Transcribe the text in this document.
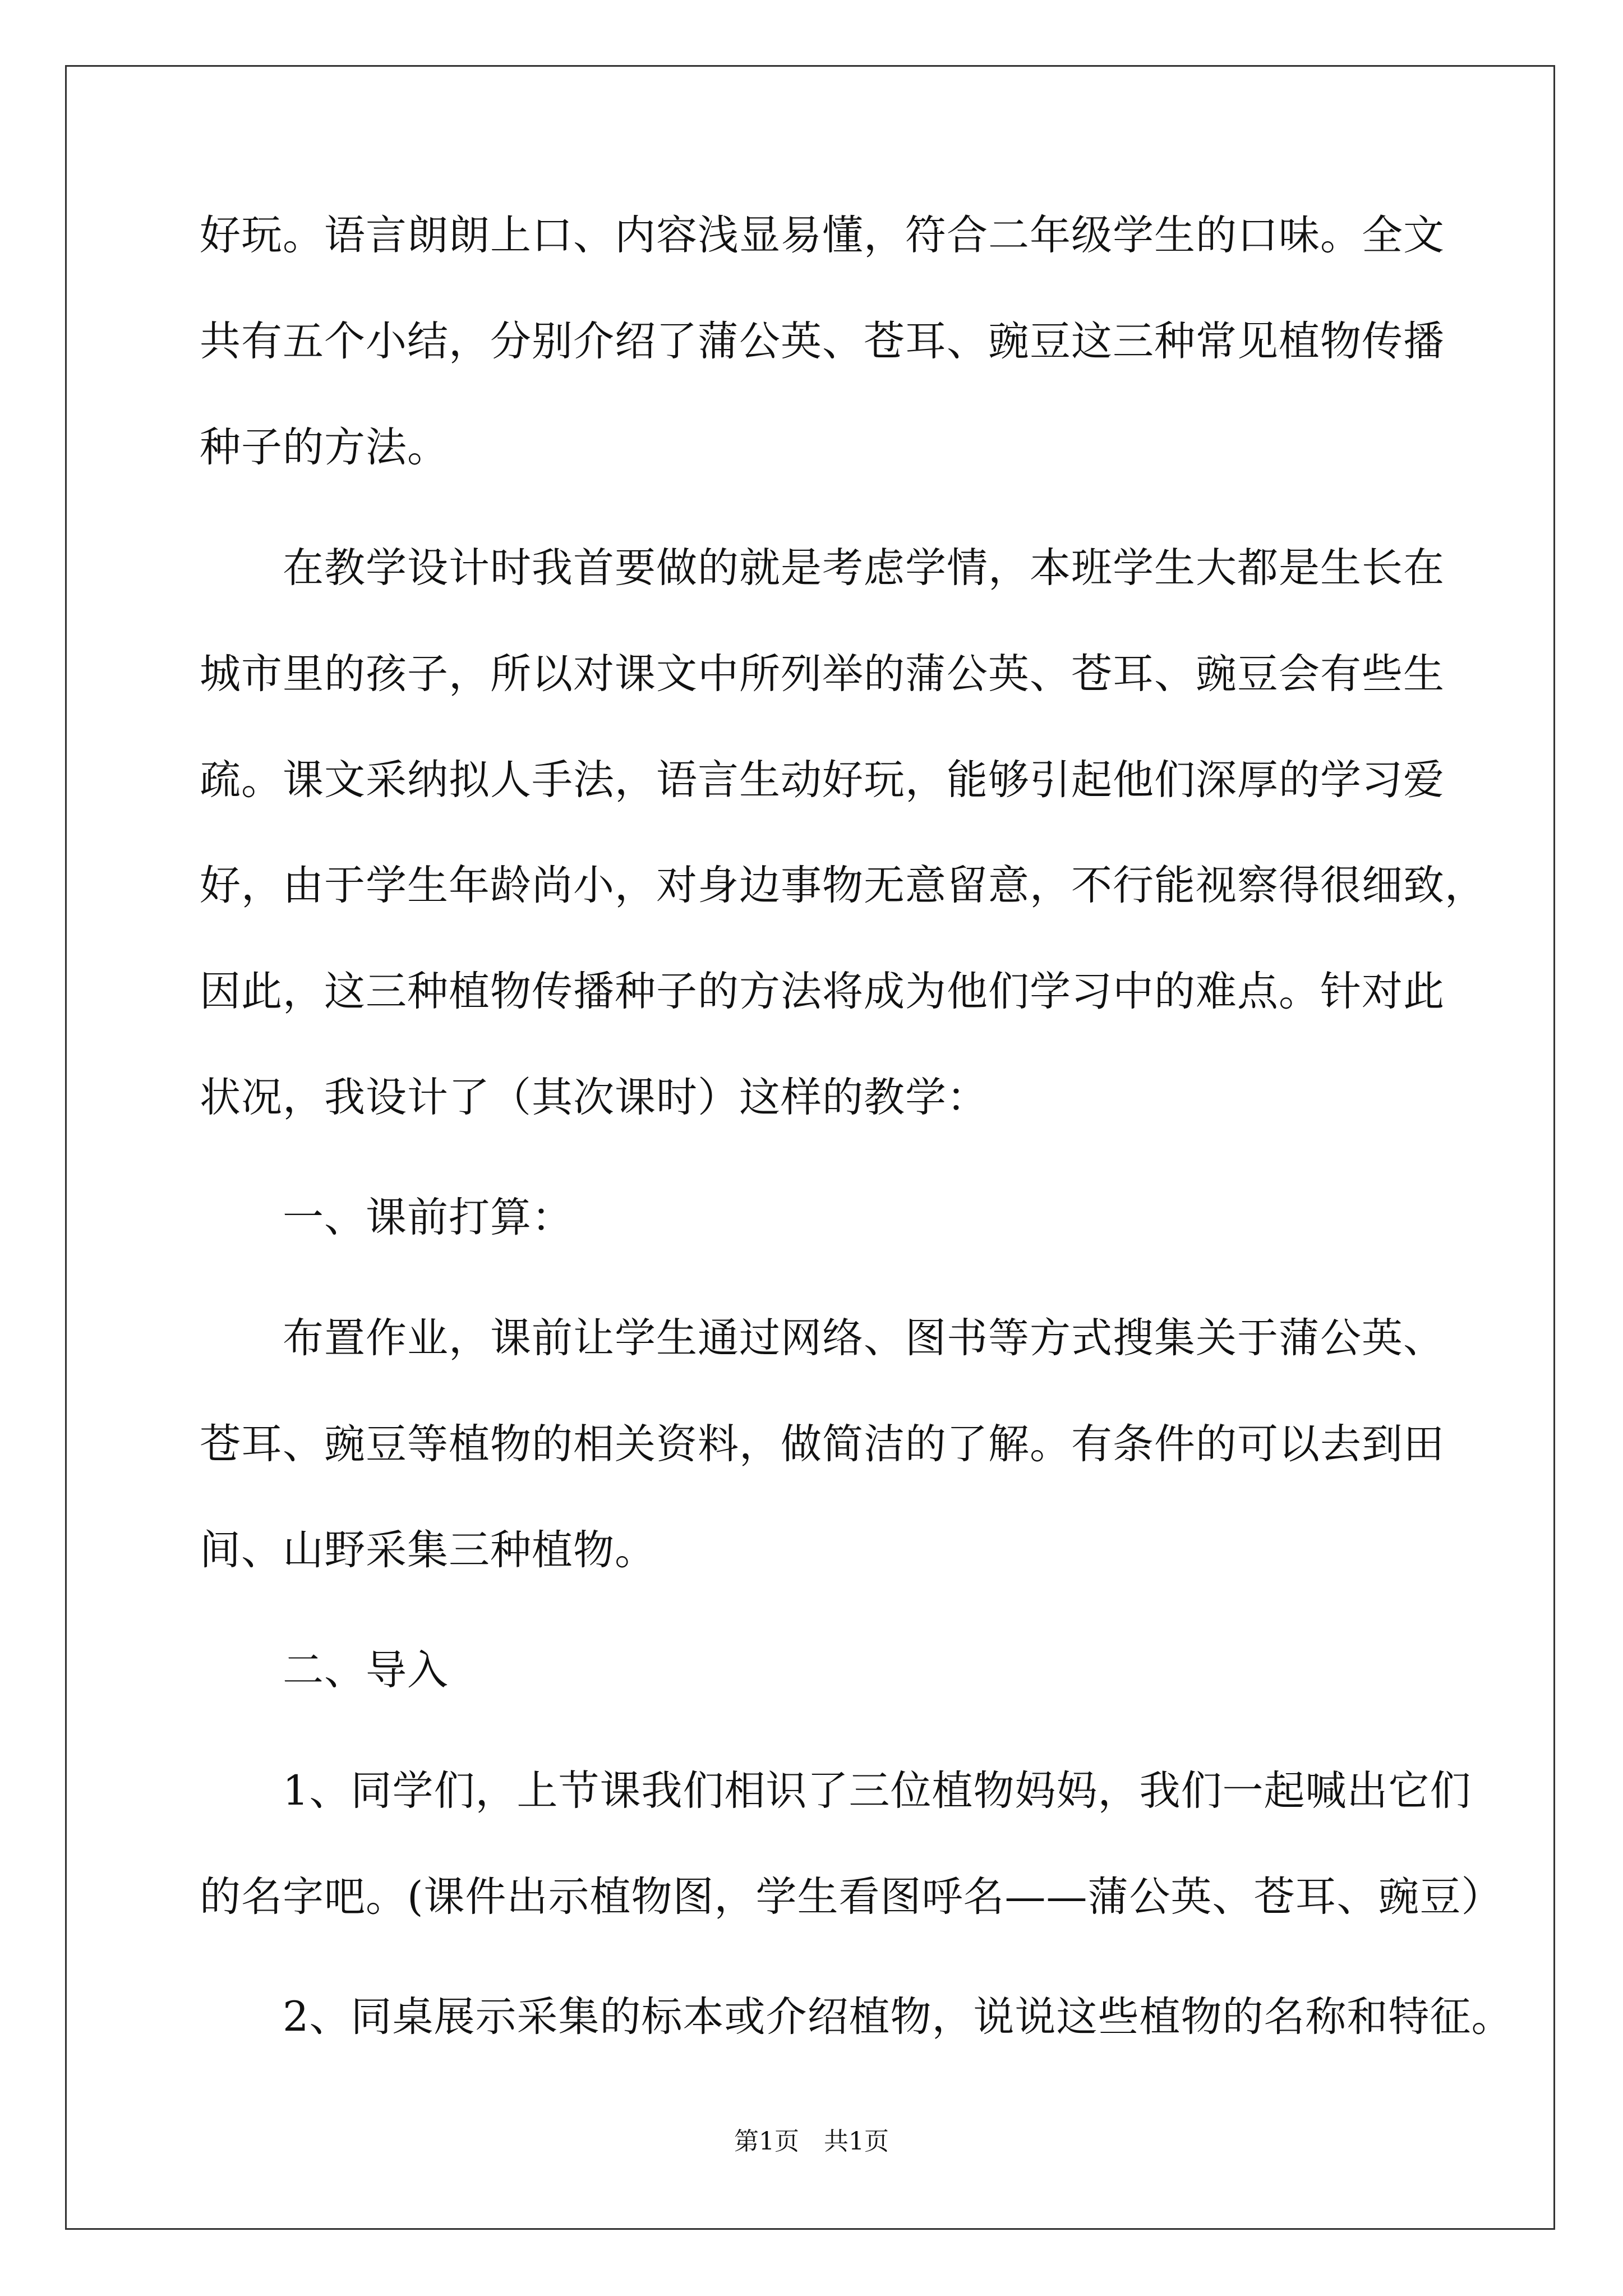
好玩。语言朗朗上口、内容浅显易懂，符合二年级学生的口味。全文
共有五个小结，分别介绍了蒲公英、苍耳、豌豆这三种常见植物传播
种子的方法。
　　在教学设计时我首要做的就是考虑学情，本班学生大都是生长在
城市里的孩子，所以对课文中所列举的蒲公英、苍耳、豌豆会有些生
疏。课文采纳拟人手法，语言生动好玩，能够引起他们深厚的学习爱
好，由于学生年龄尚小，对身边事物无意留意，不行能视察得很细致，
因此，这三种植物传播种子的方法将成为他们学习中的难点。针对此
状况，我设计了（其次课时）这样的教学：
　　一、课前打算：
　　布置作业，课前让学生通过网络、图书等方式搜集关于蒲公英、
苍耳、豌豆等植物的相关资料，做简洁的了解。有条件的可以去到田
间、山野采集三种植物。
　　二、导入
　　1、同学们，上节课我们相识了三位植物妈妈，我们一起喊出它们
的名字吧。(课件出示植物图，学生看图呼名——蒲公英、苍耳、豌豆）
　　2、同桌展示采集的标本或介绍植物，说说这些植物的名称和特征。
第1页　共1页
